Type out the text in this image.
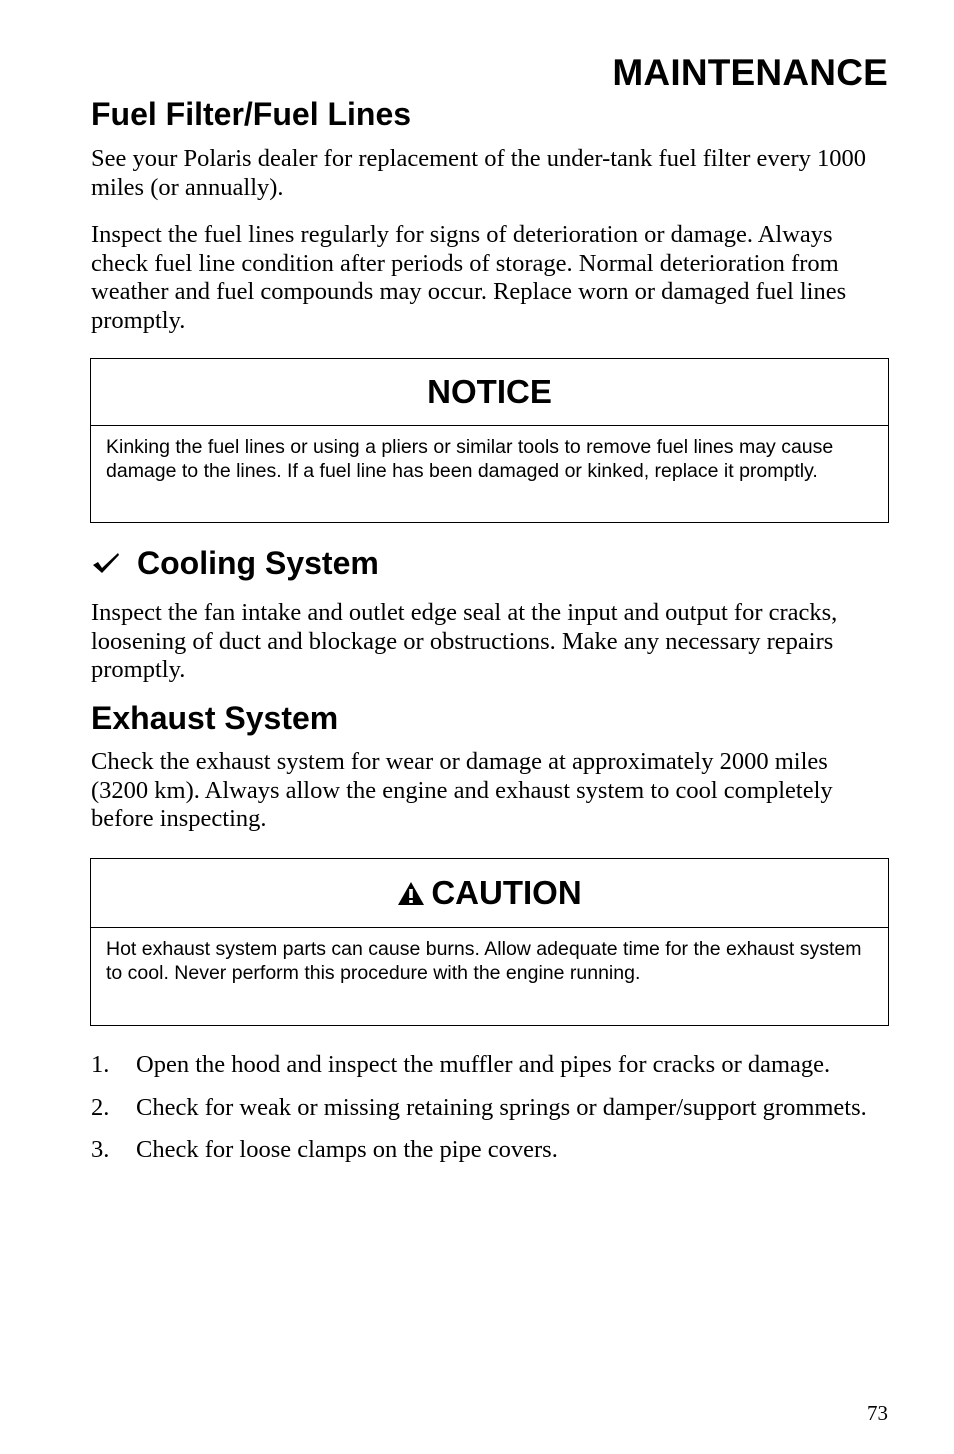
MAINTENANCE
Fuel Filter/Fuel Lines

See your Polaris dealer for replacement of the under-tank fuel filter every 1000 miles (or annually).

Inspect the fuel lines regularly for signs of deterioration or damage. Always check fuel line condition after periods of storage. Normal deterioration from weather and fuel compounds may occur. Replace worn or damaged fuel lines promptly.

NOTICE
Kinking the fuel lines or using a pliers or similar tools to remove fuel lines may cause damage to the lines. If a fuel line has been damaged or kinked, replace it promptly.
Cooling System

Inspect the fan intake and outlet edge seal at the input and output for cracks, loosening of duct and blockage or obstructions. Make any necessary repairs promptly.

Exhaust System

Check the exhaust system for wear or damage at approximately 2000 miles (3200 km). Always allow the engine and exhaust system to cool completely before inspecting.

CAUTION
Hot exhaust system parts can cause burns. Allow adequate time for the exhaust system to cool. Never perform this procedure with the engine running.
1. Open the hood and inspect the muffler and pipes for cracks or damage.
2. Check for weak or missing retaining springs or damper/support grommets.
3. Check for loose clamps on the pipe covers.
73
